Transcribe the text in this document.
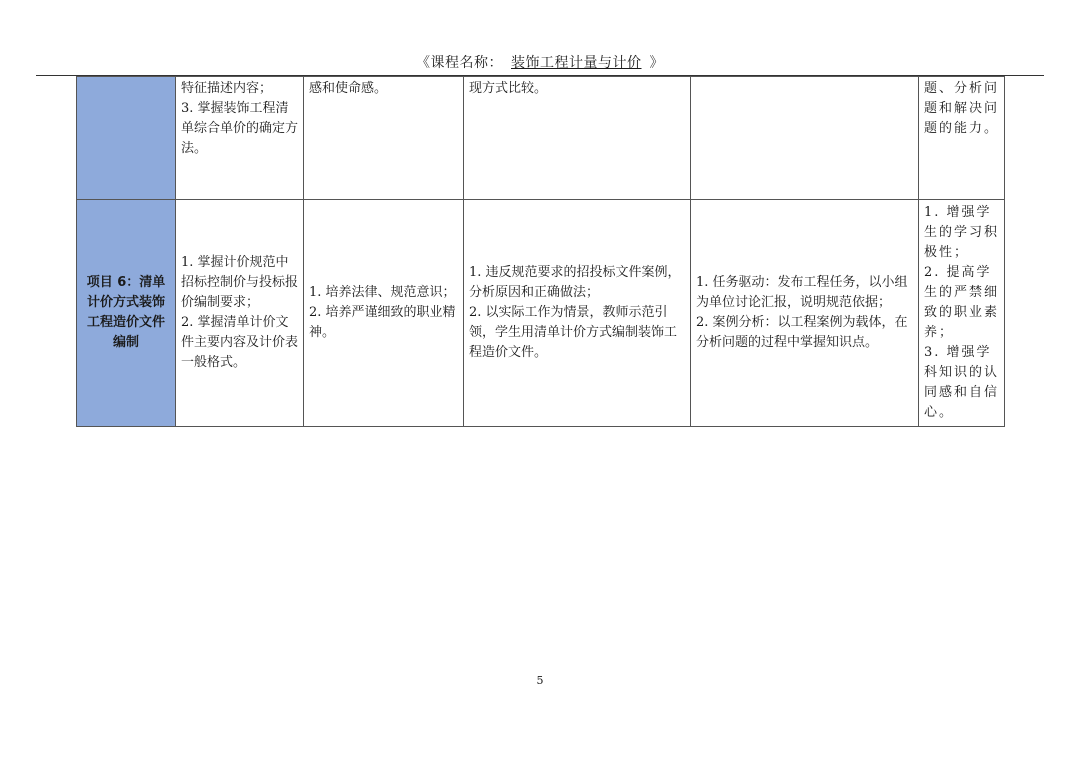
《课程名称： 装饰工程计量与计价 》

	特征描述内容；
3. 掌握装饰工程清单综合单价的确定方法。	感和使命感。	现方式比较。		题、分析问题和解决问题的能力。

项目 6：清单计价方式装饰工程造价文件编制	1. 掌握计价规范中招标控制价与投标报价编制要求；
2. 掌握清单计价文件主要内容及计价表一般格式。	1. 培养法律、规范意识；
2. 培养严谨细致的职业精神。	1. 违反规范要求的招投标文件案例，分析原因和正确做法；
2. 以实际工作为情景，教师示范引领，学生用清单计价方式编制装饰工程造价文件。	1. 任务驱动：发布工程任务，以小组为单位讨论汇报，说明规范依据；
2. 案例分析：以工程案例为载体，在分析问题的过程中掌握知识点。	1. 增强学生的学习积极性；
2. 提高学生的严禁细致的职业素养；
3. 增强学科知识的认同感和自信心。
5
